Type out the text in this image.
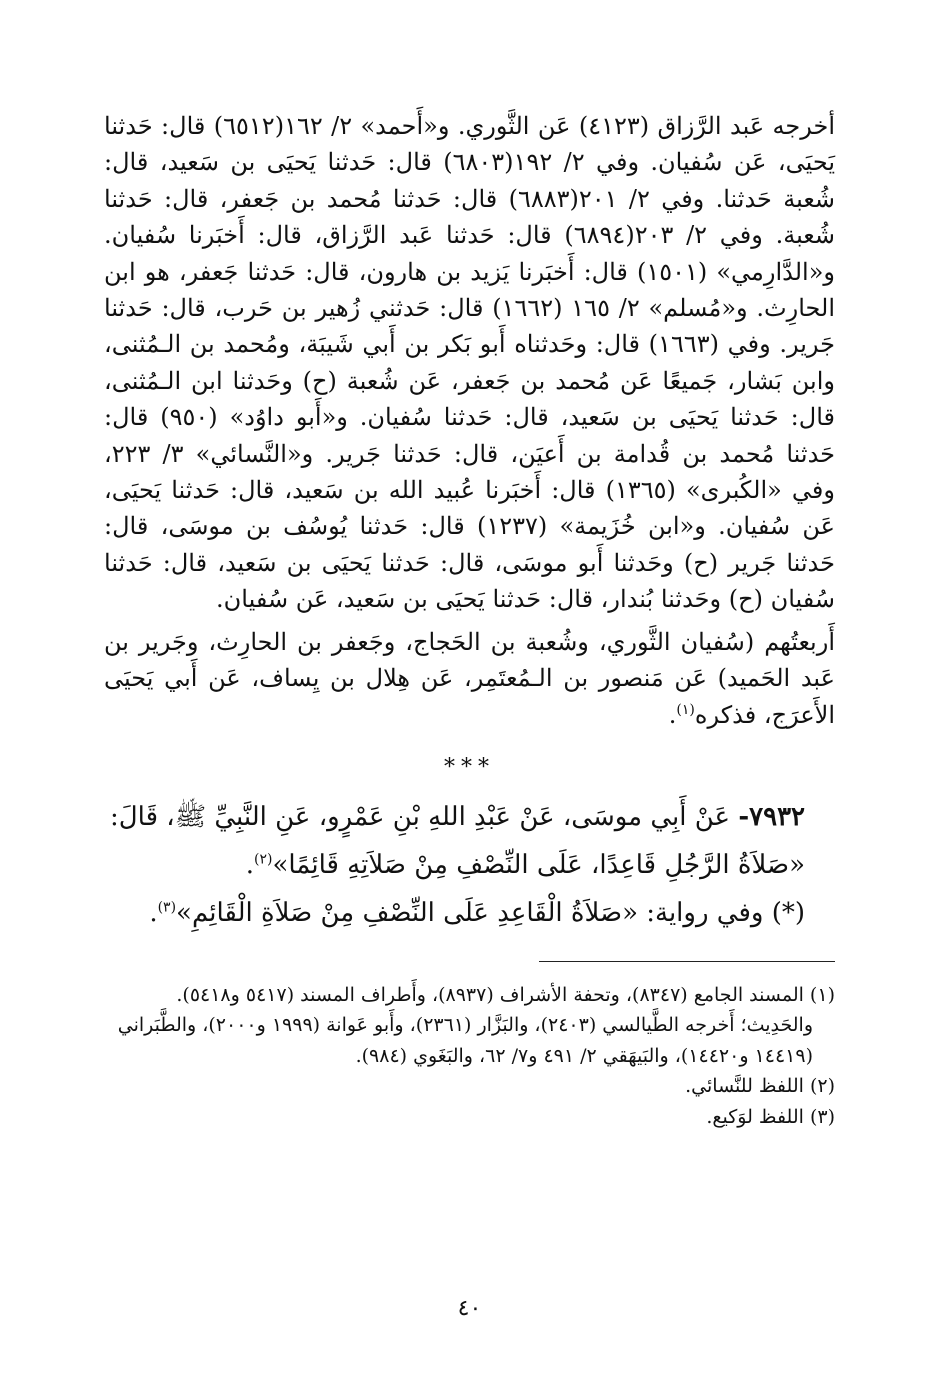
أخرجه عَبد الرَّزاق (٤١٢٣) عَن الثَّوري. و«أَحمد» ٢/ ١٦٢(٦٥١٢) قال: حَدثنا يَحيَى، عَن سُفيان. وفي ٢/ ١٩٢(٦٨٠٣) قال: حَدثنا يَحيَى بن سَعيد، قال: شُعبة حَدثنا. وفي ٢/ ٢٠١(٦٨٨٣) قال: حَدثنا مُحمد بن جَعفر، قال: حَدثنا شُعبة. وفي ٢/ ٢٠٣(٦٨٩٤) قال: حَدثنا عَبد الرَّزاق، قال: أَخبَرنا سُفيان. و«الدَّارِمي» (١٥٠١) قال: أَخبَرنا يَزيد بن هارون، قال: حَدثنا جَعفر، هو ابن الحارِث. و«مُسلم» ٢/ ١٦٥ (١٦٦٢) قال: حَدثني زُهير بن حَرب، قال: حَدثنا جَرير. وفي (١٦٦٣) قال: وحَدثناه أَبو بَكر بن أَبي شَيبَة، ومُحمد بن الـمُثنى، وابن بَشار، جَميعًا عَن مُحمد بن جَعفر، عَن شُعبة (ح) وحَدثنا ابن الـمُثنى، قال: حَدثنا يَحيَى بن سَعيد، قال: حَدثنا سُفيان. و«أَبو داوُد» (٩٥٠) قال: حَدثنا مُحمد بن قُدامة بن أَعيَن، قال: حَدثنا جَرير. و«النَّسائي» ٣/ ٢٢٣، وفي «الكُبرى» (١٣٦٥) قال: أَخبَرنا عُبيد الله بن سَعيد، قال: حَدثنا يَحيَى، عَن سُفيان. و«ابن خُزَيمة» (١٢٣٧) قال: حَدثنا يُوسُف بن موسَى، قال: حَدثنا جَرير (ح) وحَدثنا أَبو موسَى، قال: حَدثنا يَحيَى بن سَعيد، قال: حَدثنا سُفيان (ح) وحَدثنا بُندار، قال: حَدثنا يَحيَى بن سَعيد، عَن سُفيان.

أَربعتُهم (سُفيان الثَّوري، وشُعبة بن الحَجاج، وجَعفر بن الحارِث، وجَرير بن عَبد الحَميد) عَن مَنصور بن الـمُعتَمِر، عَن هِلال بن يِساف، عَن أَبي يَحيَى الأَعرَج، فذكره$^{(١)}$.

***

٧٩٣٢- عَنْ أَبِي موسَى، عَنْ عَبْدِ اللهِ بْنِ عَمْرٍو، عَنِ النَّبِيِّ ﷺ، قَالَ:

«صَلاَةُ الرَّجُلِ قَاعِدًا، عَلَى النِّصْفِ مِنْ صَلاَتِهِ قَائِمًا»$^{(٢)}$.

(*) وفي رواية: «صَلاَةُ الْقَاعِدِ عَلَى النِّصْفِ مِنْ صَلاَةِ الْقَائِمِ»$^{(٣)}$.

(١) المسند الجامع (٨٣٤٧)، وتحفة الأشراف (٨٩٣٧)، وأَطراف المسند (٥٤١٧ و٥٤١٨).

والحَدِيث؛ أَخرجه الطَّيالسي (٢٤٠٣)، والبَزَّار (٢٣٦١)، وأَبو عَوانة (١٩٩٩ و٢٠٠٠)، والطَّبَراني (١٤٤١٩ و١٤٤٢٠)، والبَيهَقي ٢/ ٤٩١ و٧/ ٦٢، والبَغَوي (٩٨٤).

(٢) اللفظ للنَّسائي.

(٣) اللفظ لوَكيع.

٤٠
